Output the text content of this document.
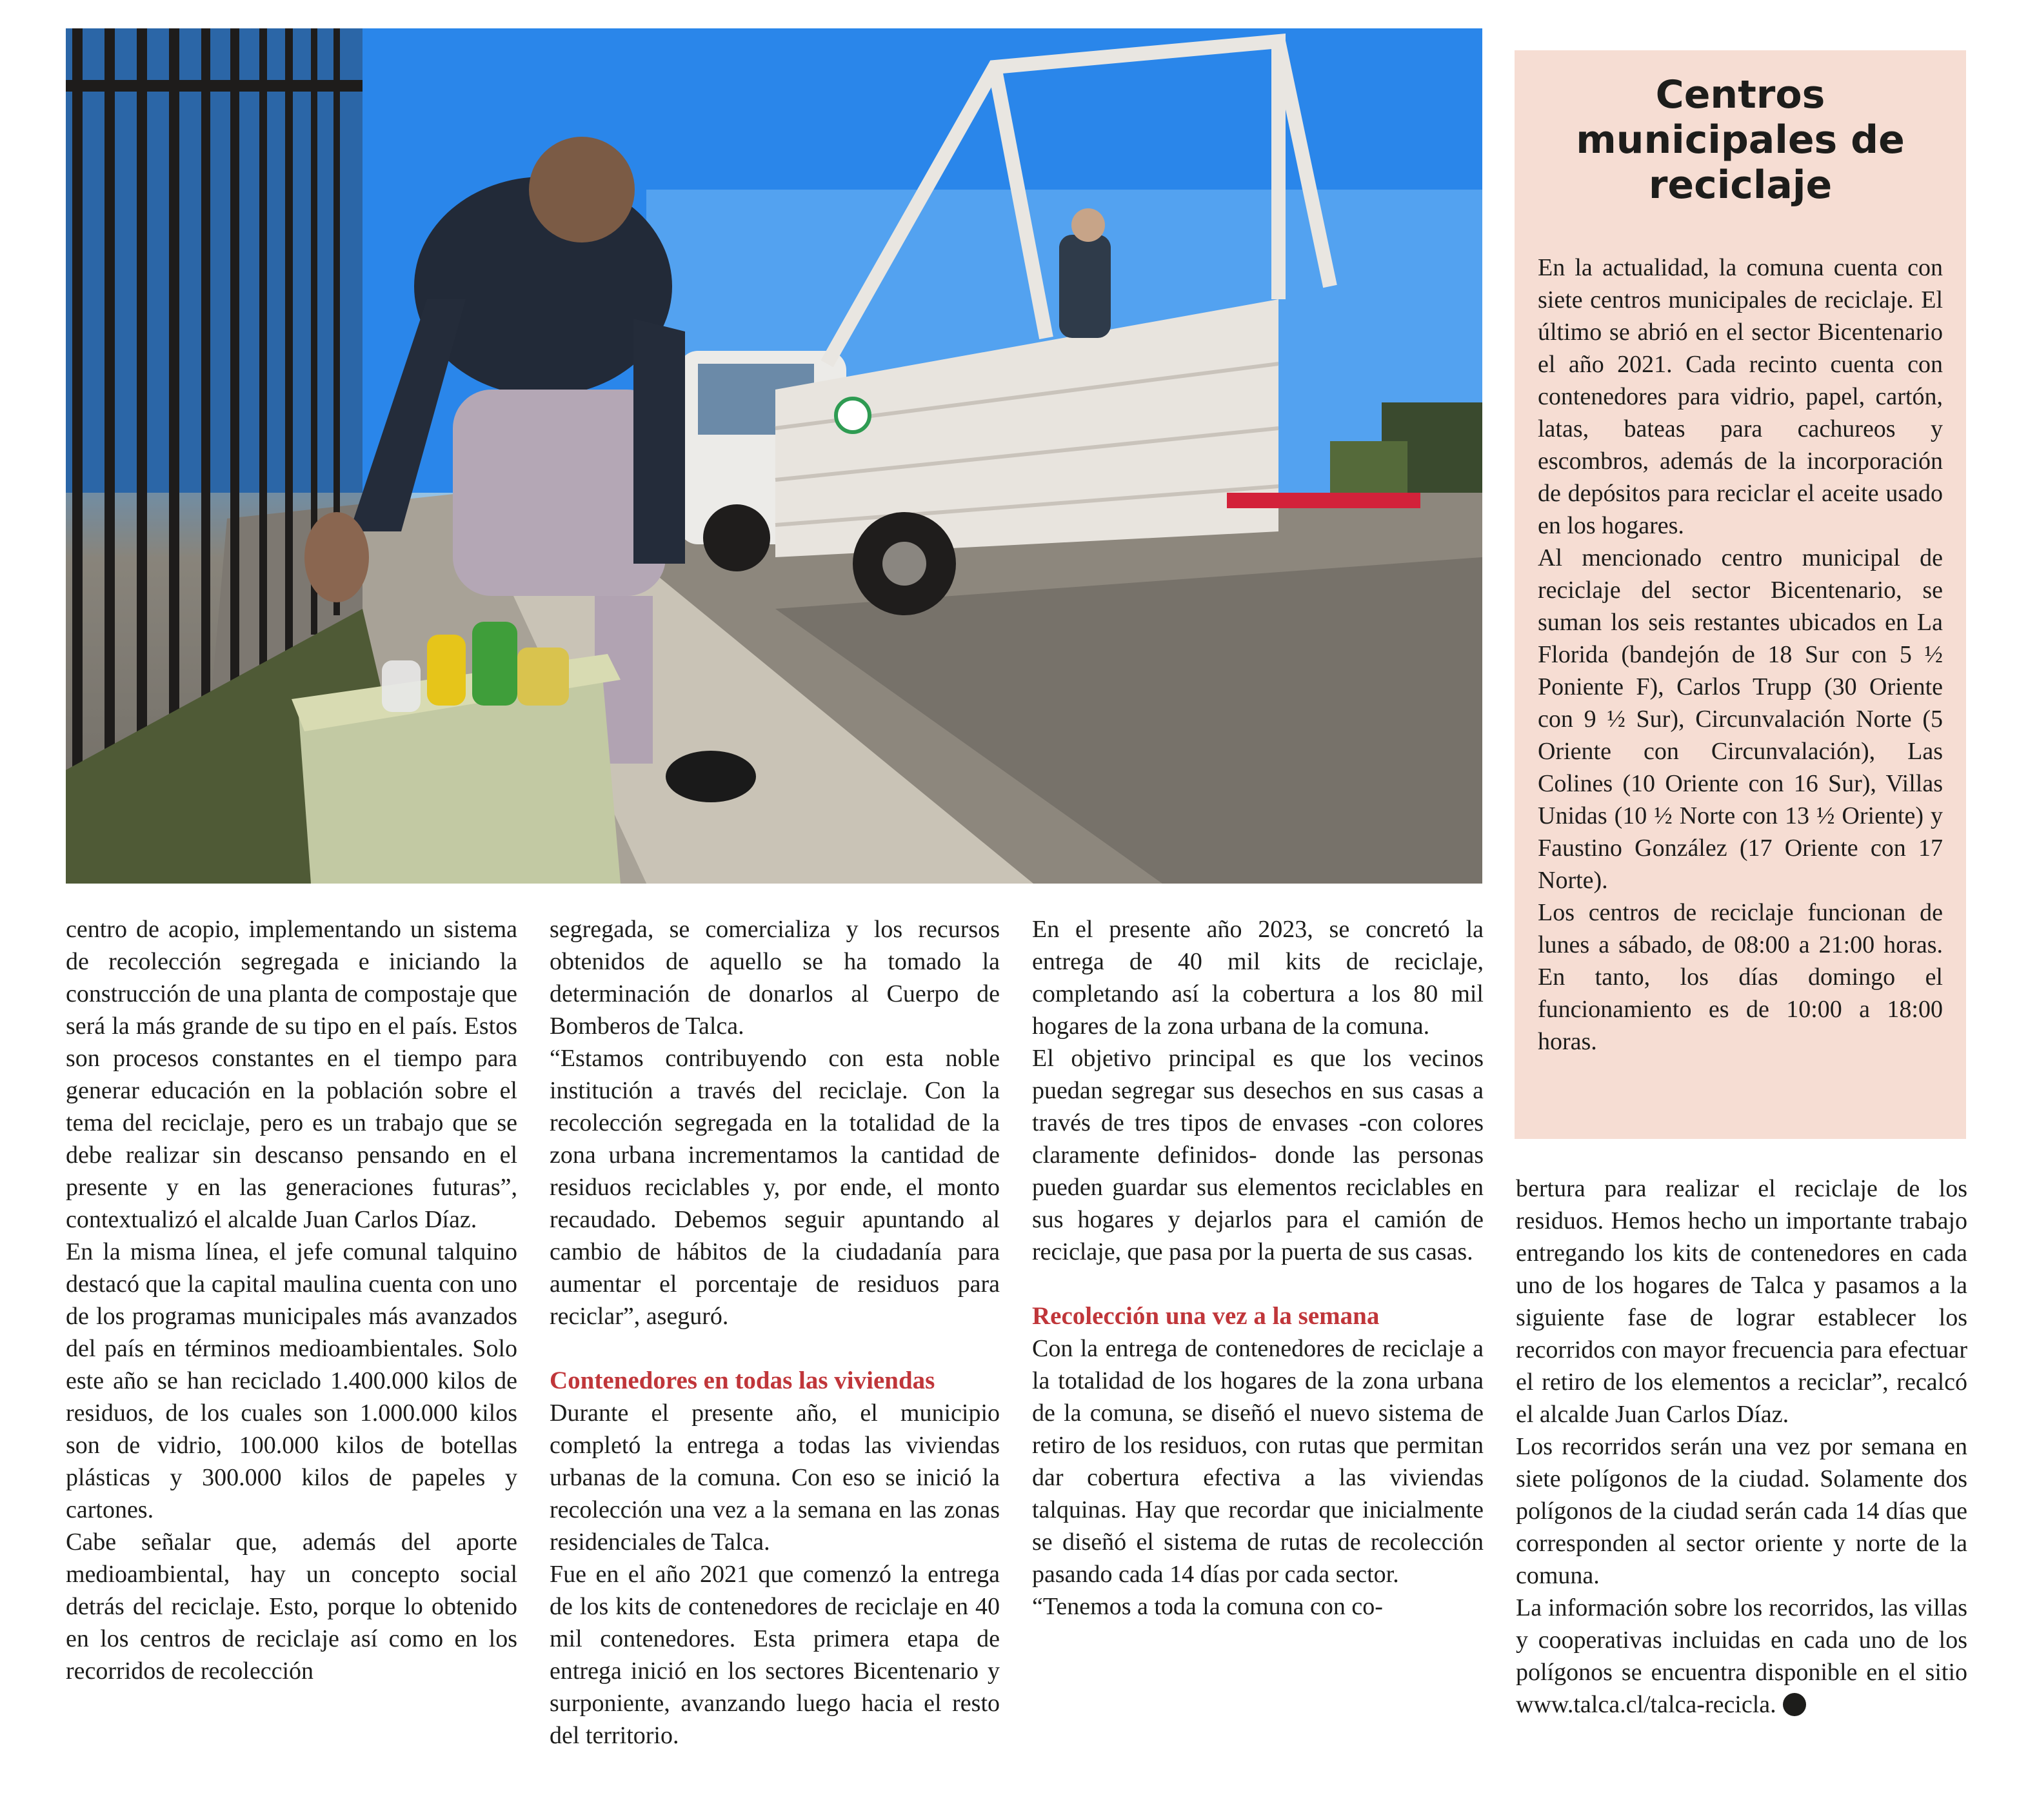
Centros municipales de reciclaje

En la actualidad, la comuna cuenta con siete centros municipales de reciclaje. El último se abrió en el sector Bicentenario el año 2021. Cada recinto cuenta con contenedores para vidrio, papel, cartón, latas, bateas para cachureos y escombros, además de la incorporación de depósitos para reciclar el aceite usado en los hogares.

Al mencionado centro municipal de reciclaje del sector Bicentenario, se suman los seis restantes ubicados en La Florida (bandejón de 18 Sur con 5 ½ Poniente F), Carlos Trupp (30 Oriente con 9 ½ Sur), Circunvalación Norte (5 Oriente con Circunvalación), Las Colines (10 Oriente con 16 Sur), Villas Unidas (10 ½ Norte con 13 ½ Oriente) y Faustino González (17 Oriente con 17 Norte).

Los centros de reciclaje funcionan de lunes a sábado, de 08:00 a 21:00 horas. En tanto, los días domingo el funcionamiento es de 10:00 a 18:00 horas.

centro de acopio, implementando un sistema de recolección segregada e iniciando la construcción de una planta de compostaje que será la más grande de su tipo en el país. Estos son procesos constantes en el tiempo para generar educación en la población sobre el tema del reciclaje, pero es un trabajo que se debe realizar sin descanso pensando en el presente y en las generaciones futuras”, contextualizó el alcalde Juan Carlos Díaz.

En la misma línea, el jefe comunal talquino destacó que la capital maulina cuenta con uno de los programas municipales más avanzados del país en términos medioambientales. Solo este año se han reciclado 1.400.000 kilos de residuos, de los cuales son 1.000.000 kilos son de vidrio, 100.000 kilos de botellas plásticas y 300.000 kilos de papeles y cartones.

Cabe señalar que, además del aporte medioambiental, hay un concepto social detrás del reciclaje. Esto, porque lo obtenido en los centros de reciclaje así como en los recorridos de recolección

segregada, se comercializa y los recursos obtenidos de aquello se ha tomado la determinación de donarlos al Cuerpo de Bomberos de Talca.

“Estamos contribuyendo con esta noble institución a través del reciclaje. Con la recolección segregada en la totalidad de la zona urbana incrementamos la cantidad de residuos reciclables y, por ende, el monto recaudado. Debemos seguir apuntando al cambio de hábitos de la ciudadanía para aumentar el porcentaje de residuos para reciclar”, aseguró.

Contenedores en todas las viviendas

Durante el presente año, el municipio completó la entrega a todas las viviendas urbanas de la comuna. Con eso se inició la recolección una vez a la semana en las zonas residenciales de Talca.

Fue en el año 2021 que comenzó la entrega de los kits de contenedores de reciclaje en 40 mil contenedores. Esta primera etapa de entrega inició en los sectores Bicentenario y surponiente, avanzando luego hacia el resto del territorio.

En el presente año 2023, se concretó la entrega de 40 mil kits de reciclaje, completando así la cobertura a los 80 mil hogares de la zona urbana de la comuna.

El objetivo principal es que los vecinos puedan segregar sus desechos en sus casas a través de tres tipos de envases -con colores claramente definidos- donde las personas pueden guardar sus elementos reciclables en sus hogares y dejarlos para el camión de reciclaje, que pasa por la puerta de sus casas.

Recolección una vez a la semana

Con la entrega de contenedores de reciclaje a la totalidad de los hogares de la zona urbana de la comuna, se diseñó el nuevo sistema de retiro de los residuos, con rutas que permitan dar cobertura efectiva a las viviendas talquinas. Hay que recordar que inicialmente se diseñó el sistema de rutas de recolección pasando cada 14 días por cada sector.

“Tenemos a toda la comuna con co-

bertura para realizar el reciclaje de los residuos. Hemos hecho un importante trabajo entregando los kits de contenedores en cada uno de los hogares de Talca y pasamos a la siguiente fase de lograr establecer los recorridos con mayor frecuencia para efectuar el retiro de los elementos a reciclar”, recalcó el alcalde Juan Carlos Díaz.

Los recorridos serán una vez por semana en siete polígonos de la ciudad. Solamente dos polígonos de la ciudad serán cada 14 días que corresponden al sector oriente y norte de la comuna.

La información sobre los recorridos, las villas y cooperativas incluidas en cada uno de los polígonos se encuentra disponible en el sitio www.talca.cl/talca-recicla.
